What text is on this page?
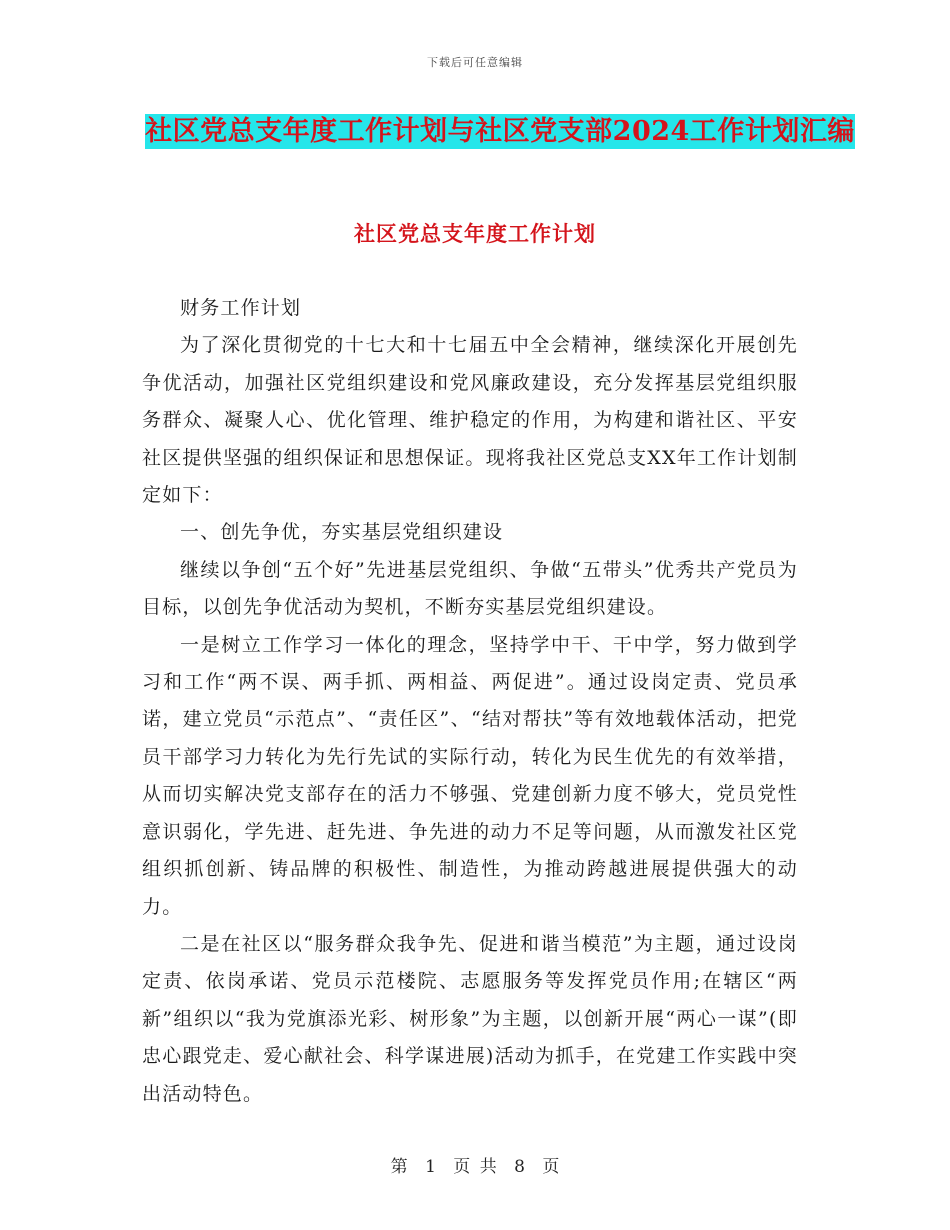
下载后可任意编辑
社区党总支年度工作计划与社区党支部2024工作计划汇编
社区党总支年度工作计划

财务工作计划

为了深化贯彻党的十七大和十七届五中全会精神，继续深化开展创先争优活动，加强社区党组织建设和党风廉政建设，充分发挥基层党组织服务群众、凝聚人心、优化管理、维护稳定的作用，为构建和谐社区、平安社区提供坚强的组织保证和思想保证。现将我社区党总支XX年工作计划制定如下：

一、创先争优，夯实基层党组织建设

继续以争创“五个好”先进基层党组织、争做“五带头”优秀共产党员为目标，以创先争优活动为契机，不断夯实基层党组织建设。

一是树立工作学习一体化的理念，坚持学中干、干中学，努力做到学习和工作“两不误、两手抓、两相益、两促进”。通过设岗定责、党员承诺，建立党员“示范点”、“责任区”、“结对帮扶”等有效地载体活动，把党员干部学习力转化为先行先试的实际行动，转化为民生优先的有效举措，从而切实解决党支部存在的活力不够强、党建创新力度不够大，党员党性意识弱化，学先进、赶先进、争先进的动力不足等问题，从而激发社区党组织抓创新、铸品牌的积极性、制造性，为推动跨越进展提供强大的动力。

二是在社区以“服务群众我争先、促进和谐当模范”为主题，通过设岗定责、依岗承诺、党员示范楼院、志愿服务等发挥党员作用;在辖区“两新”组织以“我为党旗添光彩、树形象”为主题，以创新开展“两心一谋”(即忠心跟党走、爱心献社会、科学谋进展)活动为抓手，在党建工作实践中突出活动特色。

第 1 页 共 8 页
